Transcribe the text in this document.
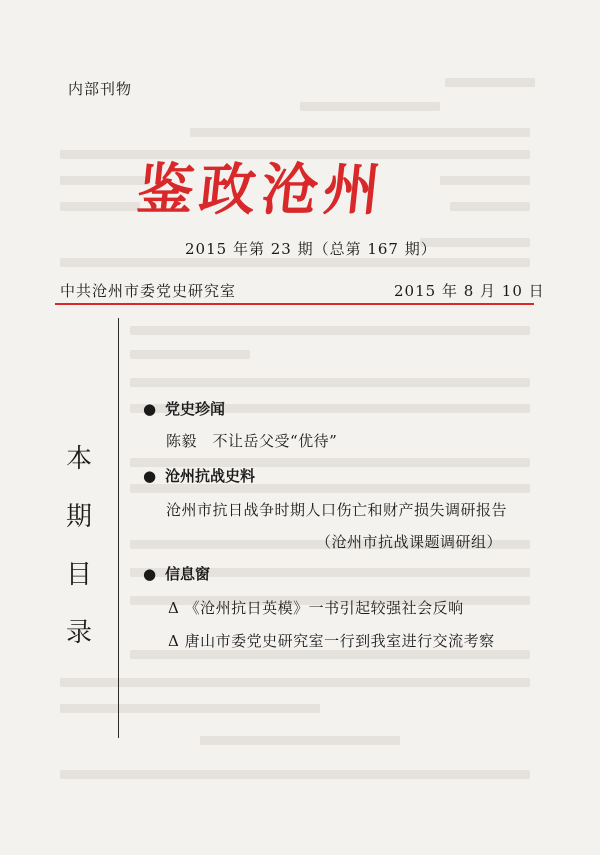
内部刊物
鉴政沧州
2015 年第 23 期（总第 167 期）
中共沧州市委党史研究室	2015 年 8 月 10 日
本
期
目
录
● 党史珍闻
陈毅　不让岳父受“优待”
● 沧州抗战史料
沧州市抗日战争时期人口伤亡和财产损失调研报告
（沧州市抗战课题调研组）
● 信息窗
Δ 《沧州抗日英模》一书引起较强社会反响
Δ 唐山市委党史研究室一行到我室进行交流考察
